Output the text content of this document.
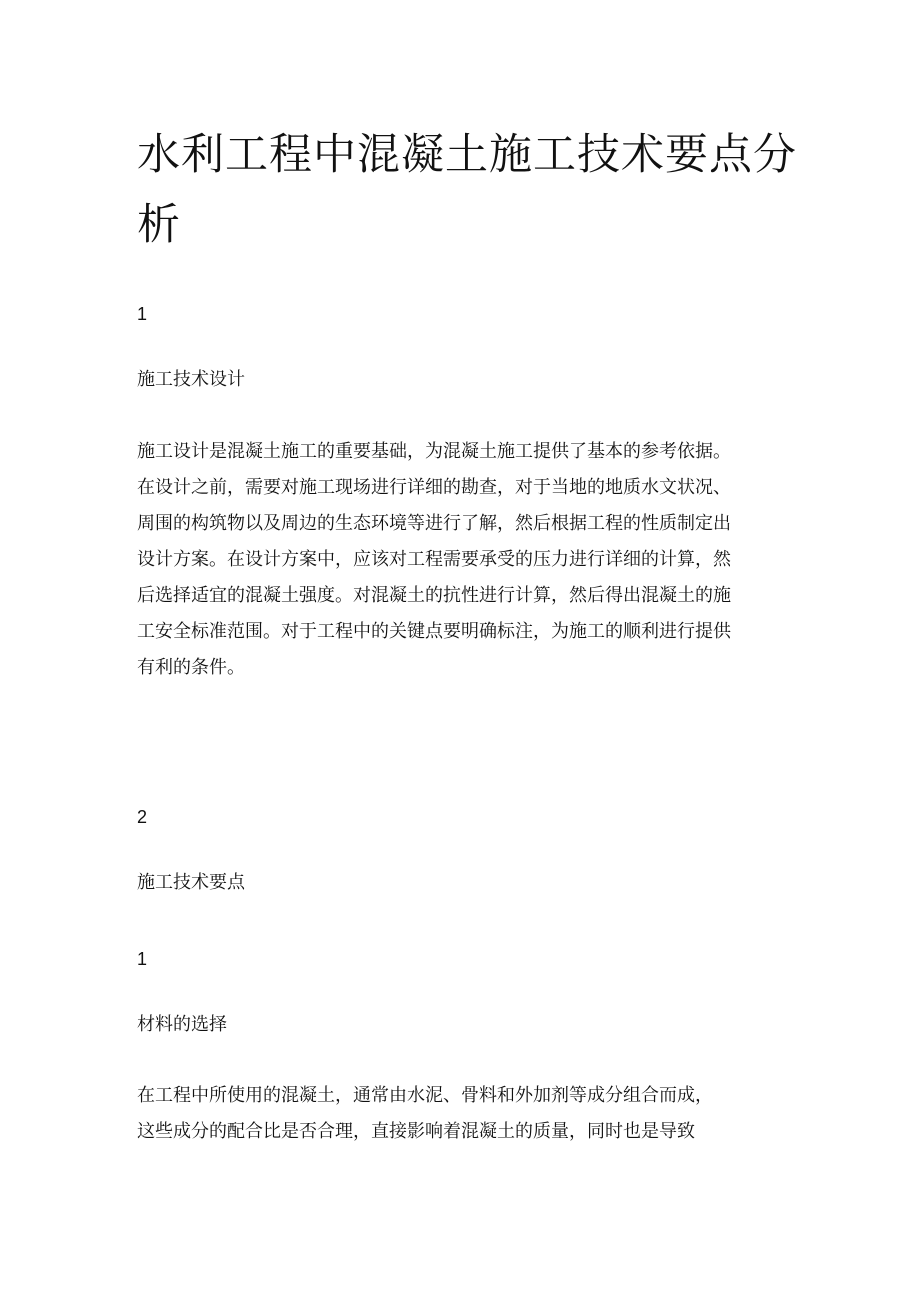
水利工程中混凝土施工技术要点分析

1

施工技术设计

施工设计是混凝土施工的重要基础，为混凝土施工提供了基本的参考依据。
在设计之前，需要对施工现场进行详细的勘查，对于当地的地质水文状况、
周围的构筑物以及周边的生态环境等进行了解，然后根据工程的性质制定出
设计方案。在设计方案中，应该对工程需要承受的压力进行详细的计算，然
后选择适宜的混凝土强度。对混凝土的抗性进行计算，然后得出混凝土的施
工安全标准范围。对于工程中的关键点要明确标注，为施工的顺利进行提供
有利的条件。

2

施工技术要点

1

材料的选择

在工程中所使用的混凝土，通常由水泥、骨料和外加剂等成分组合而成，
这些成分的配合比是否合理，直接影响着混凝土的质量，同时也是导致
